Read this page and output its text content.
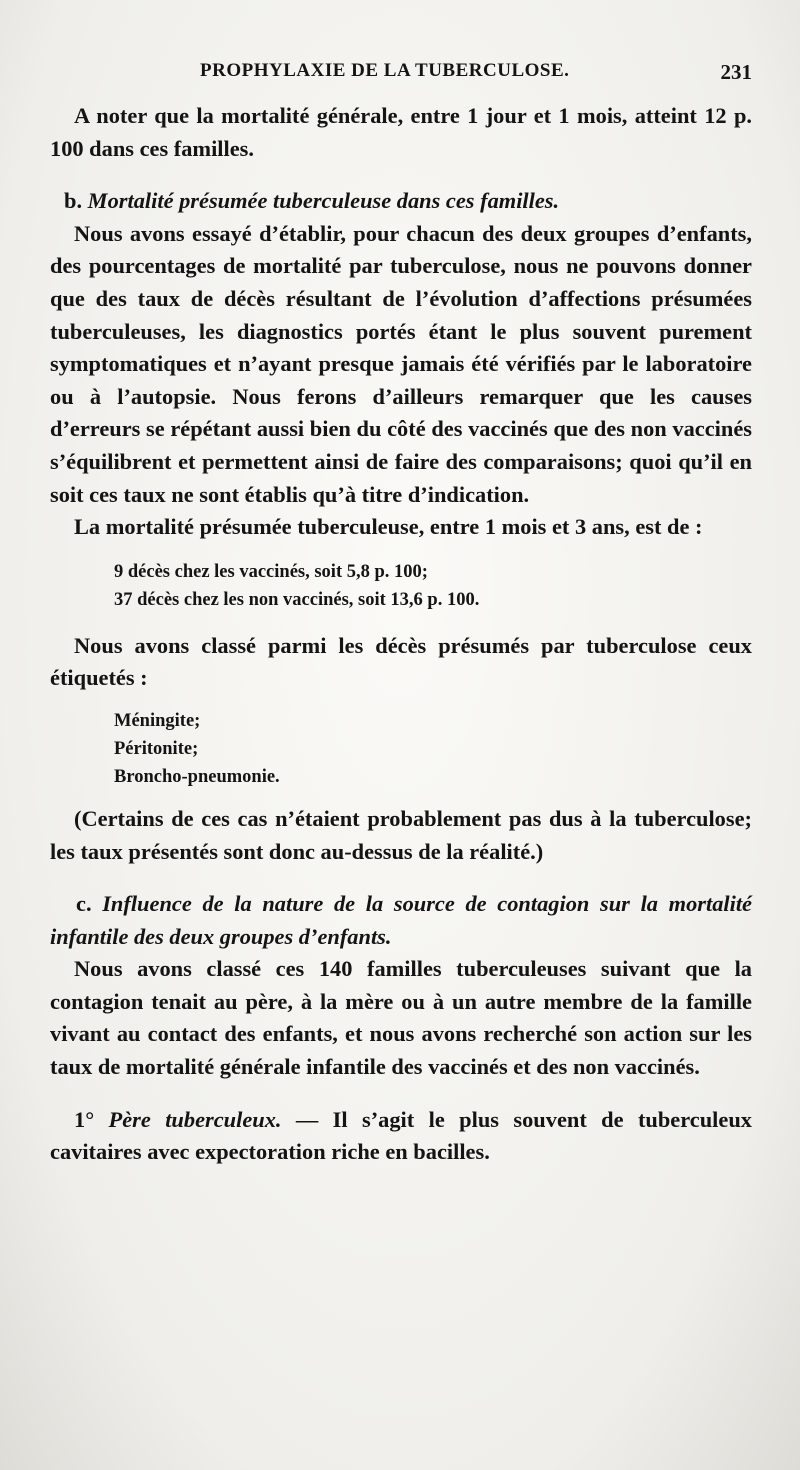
PROPHYLAXIE DE LA TUBERCULOSE.	231

A noter que la mortalité générale, entre 1 jour et 1 mois, atteint 12 p. 100 dans ces familles.

b. Mortalité présumée tuberculeuse dans ces familles.

Nous avons essayé d’établir, pour chacun des deux groupes d’enfants, des pourcentages de mortalité par tuberculose, nous ne pouvons donner que des taux de décès résultant de l’évolution d’affections présumées tuberculeuses, les diagnostics portés étant le plus souvent purement symptomatiques et n’ayant presque jamais été vérifiés par le laboratoire ou à l’autopsie. Nous ferons d’ailleurs remarquer que les causes d’erreurs se répétant aussi bien du côté des vaccinés que des non vaccinés s’équilibrent et permettent ainsi de faire des comparaisons; quoi qu’il en soit ces taux ne sont établis qu’à titre d’indication.

La mortalité présumée tuberculeuse, entre 1 mois et 3 ans, est de :

9 décès chez les vaccinés, soit 5,8 p. 100;
37 décès chez les non vaccinés, soit 13,6 p. 100.

Nous avons classé parmi les décès présumés par tuberculose ceux étiquetés :

Méningite;
Péritonite;
Broncho-pneumonie.

(Certains de ces cas n’étaient probablement pas dus à la tuberculose; les taux présentés sont donc au-dessus de la réalité.)

c. Influence de la nature de la source de contagion sur la mortalité infantile des deux groupes d’enfants.

Nous avons classé ces 140 familles tuberculeuses suivant que la contagion tenait au père, à la mère ou à un autre membre de la famille vivant au contact des enfants, et nous avons recherché son action sur les taux de mortalité générale infantile des vaccinés et des non vaccinés.

1° Père tuberculeux. — Il s’agit le plus souvent de tuberculeux cavitaires avec expectoration riche en bacilles.
